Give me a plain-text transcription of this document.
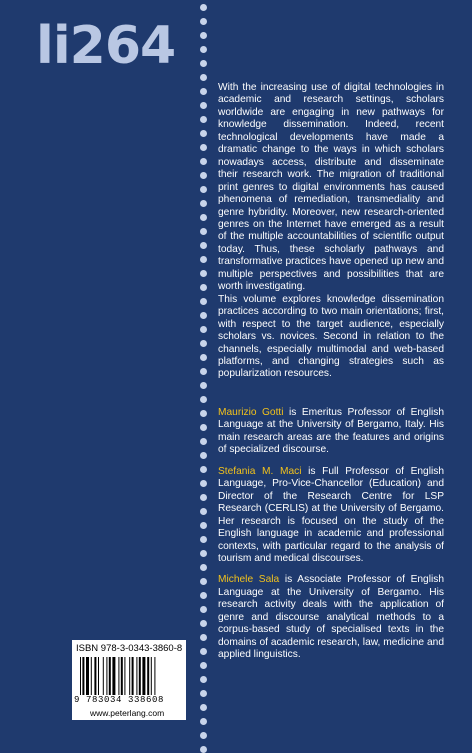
li264

With the increasing use of digital technologies in academic and research settings, scholars worldwide are engaging in new pathways for knowledge dissemination. Indeed, recent technological developments have made a dramatic change to the ways in which scholars nowadays access, distribute and disseminate their research work. The migration of traditional print genres to digital environments has caused phenomena of remediation, transmediality and genre hybridity. Moreover, new research-oriented genres on the Internet have emerged as a result of the multiple accountabilities of scientific output today. Thus, these scholarly pathways and transformative practices have opened up new and multiple perspectives and possibilities that are worth investigating.

This volume explores knowledge dissemination practices according to two main orientations; first, with respect to the target audience, especially scholars vs. novices. Second in relation to the channels, especially multimodal and web-based platforms, and changing strategies such as popularization resources.

Maurizio Gotti is Emeritus Professor of English Language at the University of Bergamo, Italy. His main research areas are the features and origins of specialized discourse.

Stefania M. Maci is Full Professor of English Language, Pro-Vice-Chancellor (Education) and Director of the Research Centre for LSP Research (CERLIS) at the University of Bergamo. Her research is focused on the study of the English language in academic and professional contexts, with particular regard to the analysis of tourism and medical discourses.

Michele Sala is Associate Professor of English Language at the University of Bergamo. His research activity deals with the application of genre and discourse analytical methods to a corpus-based study of specialised texts in the domains of academic research, law, medicine and applied linguistics.

ISBN 978-3-0343-3860-8
9 783034 338608
www.peterlang.com
